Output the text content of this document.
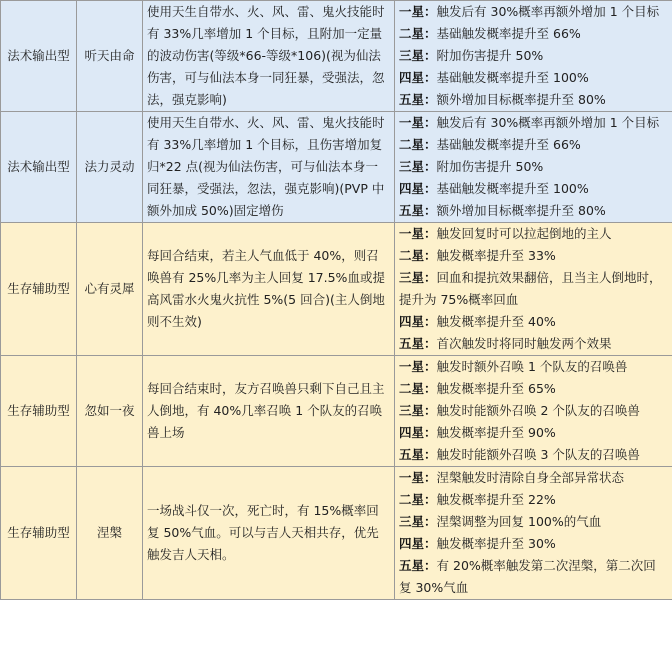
法术输出型	听天由命	使用天生自带水、火、风、雷、鬼火技能时有 33%几率增加 1 个目标，且附加一定量的波动伤害(等级*66-等级*106)(视为仙法伤害，可与仙法本身一同狂暴，受强法，忽法，强克影响)	一星：触发后有 30%概率再额外增加 1 个目标
二星：基础触发概率提升至 66%
三星：附加伤害提升 50%
四星：基础触发概率提升至 100%
五星：额外增加目标概率提升至 80%

法术输出型	法力灵动	使用天生自带水、火、风、雷、鬼火技能时有 33%几率增加 1 个目标，且伤害增加复归*22 点(视为仙法伤害，可与仙法本身一同狂暴，受强法，忽法，强克影响)(PVP 中额外加成 50%)固定增伤	一星：触发后有 30%概率再额外增加 1 个目标
二星：基础触发概率提升至 66%
三星：附加伤害提升 50%
四星：基础触发概率提升至 100%
五星：额外增加目标概率提升至 80%

生存辅助型	心有灵犀	每回合结束，若主人气血低于 40%，则召唤兽有 25%几率为主人回复 17.5%血或提高风雷水火鬼火抗性 5%(5 回合)(主人倒地则不生效)	一星：触发回复时可以拉起倒地的主人
二星：触发概率提升至 33%
三星：回血和提抗效果翻倍，且当主人倒地时，提升为 75%概率回血
四星：触发概率提升至 40%
五星：首次触发时将同时触发两个效果

生存辅助型	忽如一夜	每回合结束时，友方召唤兽只剩下自己且主人倒地，有 40%几率召唤 1 个队友的召唤兽上场	一星：触发时额外召唤 1 个队友的召唤兽
二星：触发概率提升至 65%
三星：触发时能额外召唤 2 个队友的召唤兽
四星：触发概率提升至 90%
五星：触发时能额外召唤 3 个队友的召唤兽

生存辅助型	涅槃	一场战斗仅一次，死亡时，有 15%概率回复 50%气血。可以与吉人天相共存，优先触发吉人天相。	一星：涅槃触发时清除自身全部异常状态
二星：触发概率提升至 22%
三星：涅槃调整为回复 100%的气血
四星：触发概率提升至 30%
五星：有 20%概率触发第二次涅槃，第二次回复 30%气血
